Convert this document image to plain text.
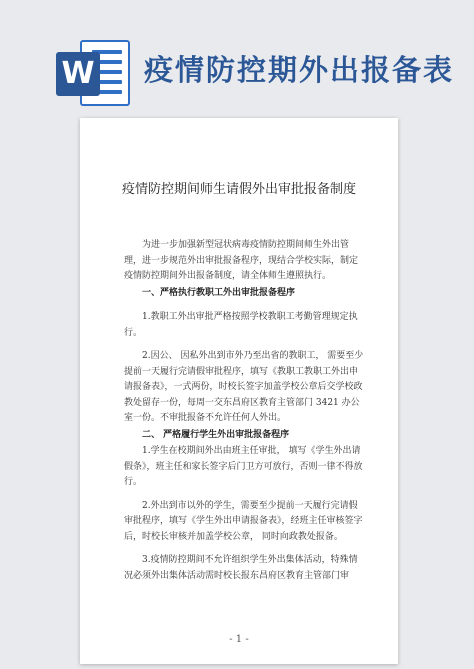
W 疫情防控期外出报备表
疫情防控期间师生请假外出审批报备制度

为进一步加强新型冠状病毒疫情防控期间师生外出管理，进一步规范外出审批报备程序，现结合学校实际，制定疫情防控期间外出报备制度，请全体师生遵照执行。

一、严格执行教职工外出审批报备程序

1.教职工外出审批严格按照学校教职工考勤管理规定执行。

2.因公、 因私外出到市外乃至出省的教职工， 需要至少提前一天履行完请假审批程序，填写《教职工教职工外出申请报备表》，一式两份，时校长签字加盖学校公章后交学校政教处留存一份，每周一交东昌府区教育主管部门 3421 办公室一份。不审批报备不允许任何人外出。

二、 严格履行学生外出审批报备程序

1.学生在校期间外出由班主任审批， 填写《学生外出请假条》，班主任和家长签字后门卫方可放行，否则一律不得放行。

2.外出到市以外的学生，需要至少提前一天履行完请假审批程序，填写《学生外出申请报备表》，经班主任审核签字后，时校长审核并加盖学校公章， 同时向政教处报备。

3.疫情防控期间不允许组织学生外出集体活动，特殊情况必须外出集体活动需时校长报东昌府区教育主管部门审

- 1 -
